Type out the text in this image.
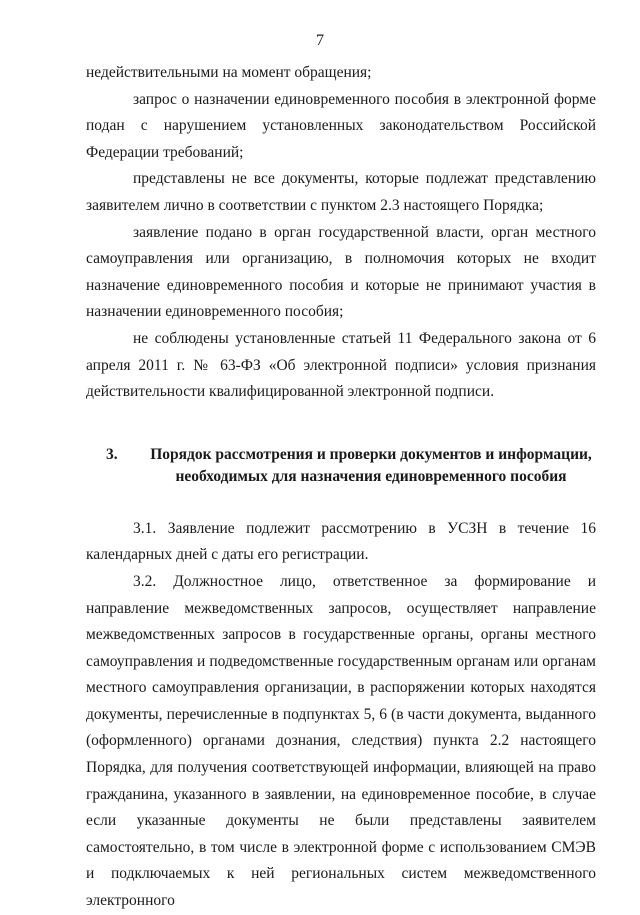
7

недействительными на момент обращения;

запрос о назначении единовременного пособия в электронной форме подан с нарушением установленных законодательством Российской Федерации требований;

представлены не все документы, которые подлежат представлению заявителем лично в соответствии с пунктом 2.3 настоящего Порядка;

заявление подано в орган государственной власти, орган местного самоуправления или организацию, в полномочия которых не входит назначение единовременного пособия и которые не принимают участия в назначении единовременного пособия;

не соблюдены установленные статьей 11 Федерального закона от 6 апреля 2011 г. № 63-ФЗ «Об электронной подписи» условия признания действительности квалифицированной электронной подписи.

3.	Порядок рассмотрения и проверки документов и информации, необходимых для назначения единовременного пособия

3.1. Заявление подлежит рассмотрению в УСЗН в течение 16 календарных дней с даты его регистрации.

3.2. Должностное лицо, ответственное за формирование и направление межведомственных запросов, осуществляет направление межведомственных запросов в государственные органы, органы местного самоуправления и подведомственные государственным органам или органам местного самоуправления организации, в распоряжении которых находятся документы, перечисленные в подпунктах 5, 6 (в части документа, выданного (оформленного) органами дознания, следствия) пункта 2.2 настоящего Порядка, для получения соответствующей информации, влияющей на право гражданина, указанного в заявлении, на единовременное пособие, в случае если указанные документы не были представлены заявителем самостоятельно, в том числе в электронной форме с использованием СМЭВ и подключаемых к ней региональных систем межведомственного электронного
